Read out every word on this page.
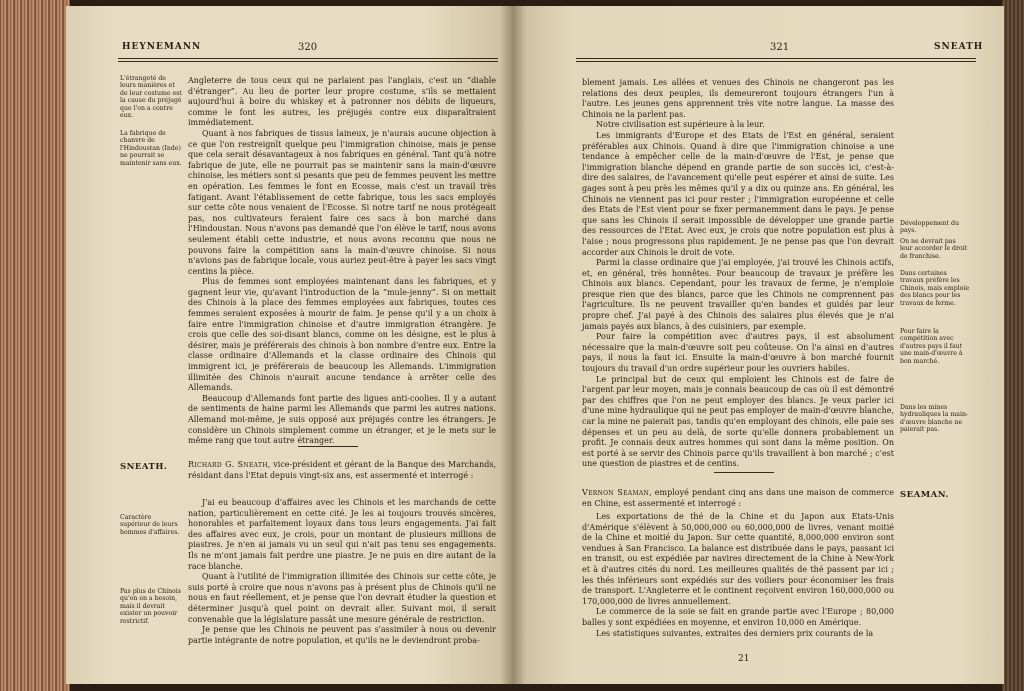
HEYNEMANN	320
L'étrangeté de leurs manières et de leur costume est la cause du préjugé que l'on a contre eux.
La fabrique de chanvre de l'Hindoustan (Inde) ne pourrait se maintenir sans eux.

Angleterre de tous ceux qui ne parlaient pas l'anglais, c'est un “diable d'étranger”. Au lieu de porter leur propre costume, s'ils se mettaient aujourd'hui à boire du whiskey et à patronner nos débits de liqueurs, comme le font les autres, les préjugés contre eux disparaîtraient immédiatement.

Quant à nos fabriques de tissus laineux, je n'aurais aucune objection à ce que l'on restreignît quelque peu l'immigration chinoise, mais je pense que cela serait désavantageux à nos fabriques en général. Tant qu'à notre fabrique de jute, elle ne pourrait pas se maintenir sans la main-d'œuvre chinoise, les métiers sont si pesants que peu de femmes peuvent les mettre en opération. Les femmes le font en Ecosse, mais c'est un travail très fatigant. Avant l'établissement de cette fabrique, tous les sacs employés sur cette côte nous venaient de l'Ecosse. Si notre tarif ne nous protégeait pas, nos cultivateurs feraient faire ces sacs à bon marché dans l'Hindoustan. Nous n'avons pas demandé que l'on élève le tarif, nous avons seulement établi cette industrie, et nous avons reconnu que nous ne pouvons faire la compétition sans la main-d'œuvre chinoise. Si nous n'avions pas de fabrique locale, vous auriez peut-être à payer les sacs vingt centins la pièce.

Plus de femmes sont employées maintenant dans les fabriques, et y gagnent leur vie, qu'avant l'introduction de la “mule-jenny”. Si on mettait des Chinois à la place des femmes employées aux fabriques, toutes ces femmes seraient exposées à mourir de faim. Je pense qu'il y a un choix à faire entre l'immigration chinoise et d'autre immigration étrangère. Je crois que celle des soi-disant blancs, comme on les désigne, est le plus à désirer, mais je préférerais des chinois à bon nombre d'entre eux. Entre la classe ordinaire d'Allemands et la classe ordinaire des Chinois qui immigrent ici, je préférerais de beaucoup les Allemands. L'immigration illimitée des Chinois n'aurait aucune tendance à arrêter celle des Allemands.

Beaucoup d'Allemands font partie des ligues anti-coolies. Il y a autant de sentiments de haine parmi les Allemands que parmi les autres nations. Allemand moi-même, je suis opposé aux préjugés contre les étrangers. Je considère un Chinois simplement comme un étranger, et je le mets sur le même rang que tout autre étranger.

SNEATH.	Richard G. Sneath, vice-président et gérant de la Banque des Marchands, résidant dans l'Etat depuis vingt-six ans, est assermenté et interrogé :

Caractère supérieur de leurs hommes d'affaires.
Pas plus de Chinois qu'on en a besoin, mais il devrait exister un pouvoir restrictif.

J'ai eu beaucoup d'affaires avec les Chinois et les marchands de cette nation, particulièrement en cette cité. Je les ai toujours trouvés sincères, honorables et parfaitement loyaux dans tous leurs engagements. J'ai fait des affaires avec eux, je crois, pour un montant de plusieurs millions de piastres. Je n'en ai jamais vu un seul qui n'ait pas tenu ses engagements. Ils ne m'ont jamais fait perdre une piastre. Je ne puis en dire autant de la race blanche.

Quant à l'utilité de l'immigration illimitée des Chinois sur cette côte, je suis porté à croire que nous n'avons pas à présent plus de Chinois qu'il ne nous en faut réellement, et je pense que l'on devrait étudier la question et déterminer jusqu'à quel point on devrait aller. Suivant moi, il serait convenable que la législature passât une mesure générale de restriction.

Je pense que les Chinois ne peuvent pas s'assimiler à nous ou devenir partie intégrante de notre population, et qu'ils ne le deviendront proba-

321	SNEATH

blement jamais. Les allées et venues des Chinois ne changeront pas les relations des deux peuples, ils demeureront toujours étrangers l'un à l'autre. Les jeunes gens apprennent très vite notre langue. La masse des Chinois ne la parlent pas.

Notre civilisation est supérieure à la leur.

Les immigrants d'Europe et des Etats de l'Est en général, seraient préférables aux Chinois. Quand à dire que l'immigration chinoise a une tendance à empêcher celle de la main-d'œuvre de l'Est, je pense que l'immigration blanche dépend en grande partie de son succès ici, c'est-à-dire des salaires, de l'avancement qu'elle peut espérer et ainsi de suite. Les gages sont à peu près les mêmes qu'il y a dix ou quinze ans. En général, les Chinois ne viennent pas ici pour rester ; l'immigration européenne et celle des Etats de l'Est vient pour se fixer permanemment dans le pays. Je pense que sans les Chinois il serait impossible de développer une grande partie des ressources de l'Etat. Avec eux, je crois que notre population est plus à l'aise ; nous progressons plus rapidement. Je ne pense pas que l'on devrait accorder aux Chinois le droit de vote.

Parmi la classe ordinaire que j'ai employée, j'ai trouvé les Chinois actifs, et, en général, très honnêtes. Pour beaucoup de travaux je préfère les Chinois aux blancs. Cependant, pour les travaux de ferme, je n'emploie presque rien que des blancs, parce que les Chinois ne comprennent pas l'agriculture. Ils ne peuvent travailler qu'en bandes et guidés par leur propre chef. J'ai payé à des Chinois des salaires plus élevés que je n'ai jamais payés aux blancs, à des cuisiniers, par exemple.

Pour faire la compétition avec d'autres pays, il est absolument nécessaire que la main-d'œuvre soit peu coûteuse. On l'a ainsi en d'autres pays, il nous la faut ici. Ensuite la main-d'œuvre à bon marché fournit toujours du travail d'un ordre supérieur pour les ouvriers habiles.

Le principal but de ceux qui emploient les Chinois est de faire de l'argent par leur moyen, mais je connais beaucoup de cas où il est démontré par des chiffres que l'on ne peut employer des blancs. Je veux parler ici d'une mine hydraulique qui ne peut pas employer de main-d'œuvre blanche, car la mine ne paierait pas, tandis qu'en employant des chinois, elle paie ses dépenses et un peu au delà, de sorte qu'elle donnera probablement un profit. Je connais deux autres hommes qui sont dans la même position. On est porté à se servir des Chinois parce qu'ils travaillent à bon marché ; c'est une question de piastres et de centins.

Développement du pays.
On ne devrait pas leur accorder le droit de franchise.
Dans certaines travaux préfère les Chinois, mais emploie des blancs pour les travaux de ferme.
Pour faire la compétition avec d'autres pays il faut une main-d'œuvre à bon marché.
Dans les mines hydrauliques la main-d'œuvre blanche ne paierait pas.

Vernon Seaman, employé pendant cinq ans dans une maison de commerce en Chine, est assermenté et interrogé :

SEAMAN.

Les exportations de thé de la Chine et du Japon aux Etats-Unis d'Amérique s'élèvent à 50,000,000 ou 60,000,000 de livres, venant moitié de la Chine et moitié du Japon. Sur cette quantité, 8,000,000 environ sont vendues à San Francisco. La balance est distribuée dans le pays, passant ici en transit, ou est expédiée par navires directement de la Chine à New-York et à d'autres cités du nord. Les meilleures qualités de thé passent par ici ; les thés inférieurs sont expédiés sur des voiliers pour économiser les frais de transport. L'Angleterre et le continent reçoivent environ 160,000,000 ou 170,000,000 de livres annuellement.

Le commerce de la soie se fait en grande partie avec l'Europe ; 80,000 balles y sont expédiées en moyenne, et environ 10,000 en Amérique.

Les statistiques suivantes, extraites des derniers prix courants de la

21
